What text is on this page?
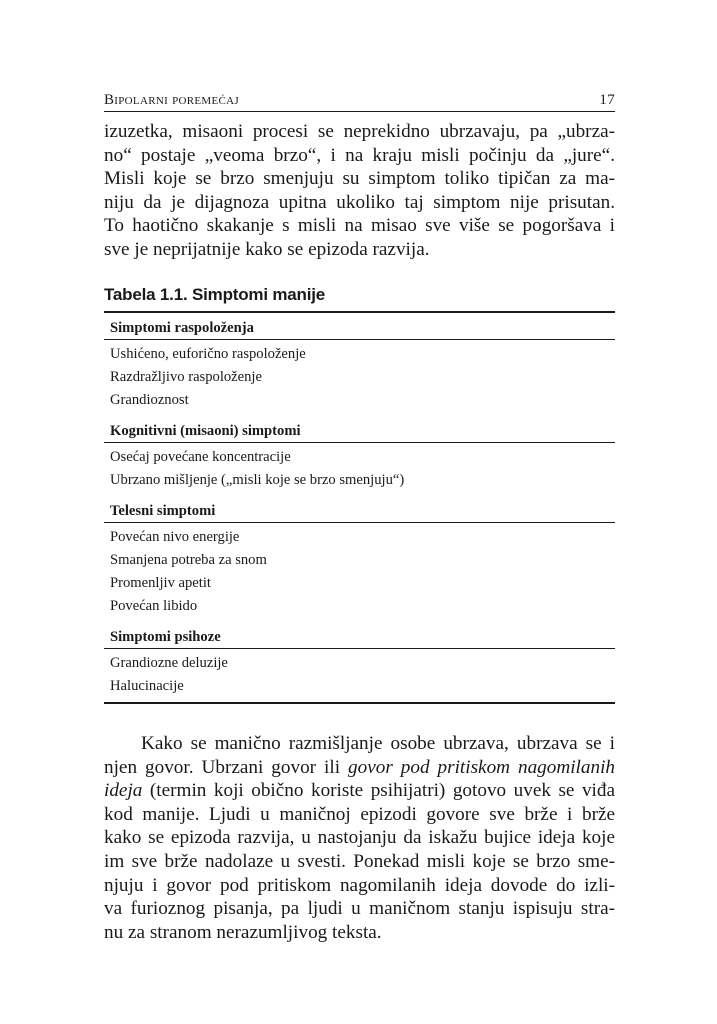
Bipolarni poremećaj	17
izuzetka, misaoni procesi se neprekidno ubrzavaju, pa „ubrza-
no“ postaje „veoma brzo“, i na kraju misli počinju da „jure“.
Misli koje se brzo smenjuju su simptom toliko tipičan za ma-
niju da je dijagnoza upitna ukoliko taj simptom nije prisutan.
To haotično skakanje s misli na misao sve više se pogoršava i
sve je neprijatnije kako se epizoda razvija.
Tabela 1.1. Simptomi manije
Simptomi raspoloženja
Ushićeno, euforično raspoloženje
Razdražljivo raspoloženje
Grandioznost
Kognitivni (misaoni) simptomi
Osećaj povećane koncentracije
Ubrzano mišljenje („misli koje se brzo smenjuju“)
Telesni simptomi
Povećan nivo energije
Smanjena potreba za snom
Promenljiv apetit
Povećan libido
Simptomi psihoze
Grandiozne deluzije
Halucinacije
Kako se manično razmišljanje osobe ubrzava, ubrzava se i
njen govor. Ubrzani govor ili govor pod pritiskom nagomilanih
ideja (termin koji obično koriste psihijatri) gotovo uvek se viđa
kod manije. Ljudi u maničnoj epizodi govore sve brže i brže
kako se epizoda razvija, u nastojanju da iskažu bujice ideja koje
im sve brže nadolaze u svesti. Ponekad misli koje se brzo sme-
njuju i govor pod pritiskom nagomilanih ideja dovode do izli-
va furioznog pisanja, pa ljudi u maničnom stanju ispisuju stra-
nu za stranom nerazumljivog teksta.
